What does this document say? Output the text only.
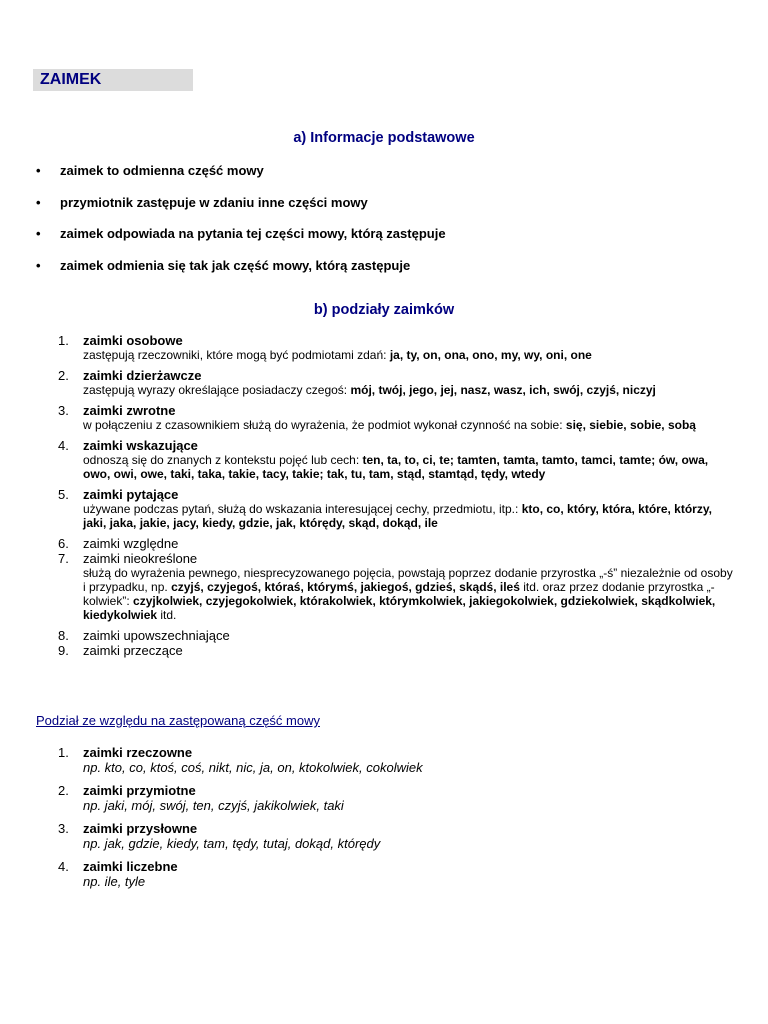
ZAIMEK
a) Informacje podstawowe
• zaimek to odmienna część mowy
• przymiotnik zastępuje w zdaniu inne części mowy
• zaimek odpowiada na pytania tej części mowy, którą zastępuje
• zaimek odmienia się tak jak część mowy, którą zastępuje
b) podziały zaimków
1. zaimki osobowe
zastępują rzeczowniki, które mogą być podmiotami zdań: ja, ty, on, ona, ono, my, wy, oni, one
2. zaimki dzierżawcze
zastępują wyrazy określające posiadaczy czegoś: mój, twój, jego, jej, nasz, wasz, ich, swój, czyjś, niczyj
3. zaimki zwrotne
w połączeniu z czasownikiem służą do wyrażenia, że podmiot wykonał czynność na sobie: się, siebie, sobie, sobą
4. zaimki wskazujące
odnoszą się do znanych z kontekstu pojęć lub cech: ten, ta, to, ci, te; tamten, tamta, tamto, tamci, tamte; ów, owa, owo, owi, owe, taki, taka, takie, tacy, takie; tak, tu, tam, stąd, stamtąd, tędy, wtedy
5. zaimki pytające
używane podczas pytań, służą do wskazania interesującej cechy, przedmiotu, itp.: kto, co, który, która, które, którzy, jaki, jaka, jakie, jacy, kiedy, gdzie, jak, którędy, skąd, dokąd, ile
6. zaimki względne
7. zaimki nieokreślone
służą do wyrażenia pewnego, niesprecyzowanego pojęcia, powstają poprzez dodanie przyrostka „-ś” niezależnie od osoby i przypadku, np. czyjś, czyjegoś, któraś, którymś, jakiegoś, gdzieś, skądś, ileś itd. oraz przez dodanie przyrostka „-kolwiek”: czyjkolwiek, czyjegokolwiek, którakolwiek, którymkolwiek, jakiegokolwiek, gdziekolwiek, skądkolwiek, kiedykolwiek itd.
8. zaimki upowszechniające
9. zaimki przeczące
Podział ze względu na zastępowaną część mowy
1. zaimki rzeczowne
np. kto, co, ktoś, coś, nikt, nic, ja, on, ktokolwiek, cokolwiek
2. zaimki przymiotne
np. jaki, mój, swój, ten, czyjś, jakikolwiek, taki
3. zaimki przysłowne
np. jak, gdzie, kiedy, tam, tędy, tutaj, dokąd, którędy
4. zaimki liczebne
np. ile, tyle
